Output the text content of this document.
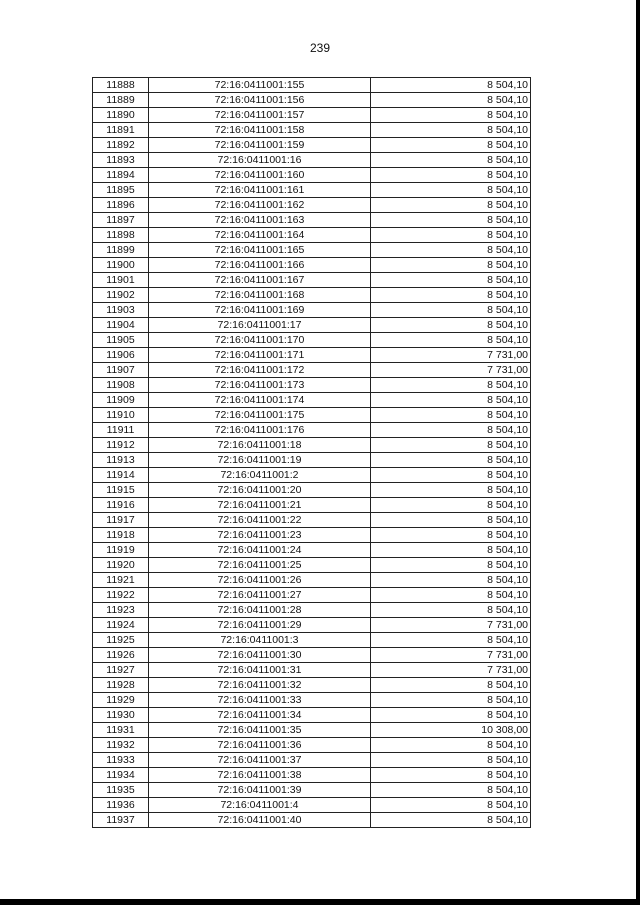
239
11888	72:16:0411001:155	8 504,10
11889	72:16:0411001:156	8 504,10
11890	72:16:0411001:157	8 504,10
11891	72:16:0411001:158	8 504,10
11892	72:16:0411001:159	8 504,10
11893	72:16:0411001:16	8 504,10
11894	72:16:0411001:160	8 504,10
11895	72:16:0411001:161	8 504,10
11896	72:16:0411001:162	8 504,10
11897	72:16:0411001:163	8 504,10
11898	72:16:0411001:164	8 504,10
11899	72:16:0411001:165	8 504,10
11900	72:16:0411001:166	8 504,10
11901	72:16:0411001:167	8 504,10
11902	72:16:0411001:168	8 504,10
11903	72:16:0411001:169	8 504,10
11904	72:16:0411001:17	8 504,10
11905	72:16:0411001:170	8 504,10
11906	72:16:0411001:171	7 731,00
11907	72:16:0411001:172	7 731,00
11908	72:16:0411001:173	8 504,10
11909	72:16:0411001:174	8 504,10
11910	72:16:0411001:175	8 504,10
11911	72:16:0411001:176	8 504,10
11912	72:16:0411001:18	8 504,10
11913	72:16:0411001:19	8 504,10
11914	72:16:0411001:2	8 504,10
11915	72:16:0411001:20	8 504,10
11916	72:16:0411001:21	8 504,10
11917	72:16:0411001:22	8 504,10
11918	72:16:0411001:23	8 504,10
11919	72:16:0411001:24	8 504,10
11920	72:16:0411001:25	8 504,10
11921	72:16:0411001:26	8 504,10
11922	72:16:0411001:27	8 504,10
11923	72:16:0411001:28	8 504,10
11924	72:16:0411001:29	7 731,00
11925	72:16:0411001:3	8 504,10
11926	72:16:0411001:30	7 731,00
11927	72:16:0411001:31	7 731,00
11928	72:16:0411001:32	8 504,10
11929	72:16:0411001:33	8 504,10
11930	72:16:0411001:34	8 504,10
11931	72:16:0411001:35	10 308,00
11932	72:16:0411001:36	8 504,10
11933	72:16:0411001:37	8 504,10
11934	72:16:0411001:38	8 504,10
11935	72:16:0411001:39	8 504,10
11936	72:16:0411001:4	8 504,10
11937	72:16:0411001:40	8 504,10
